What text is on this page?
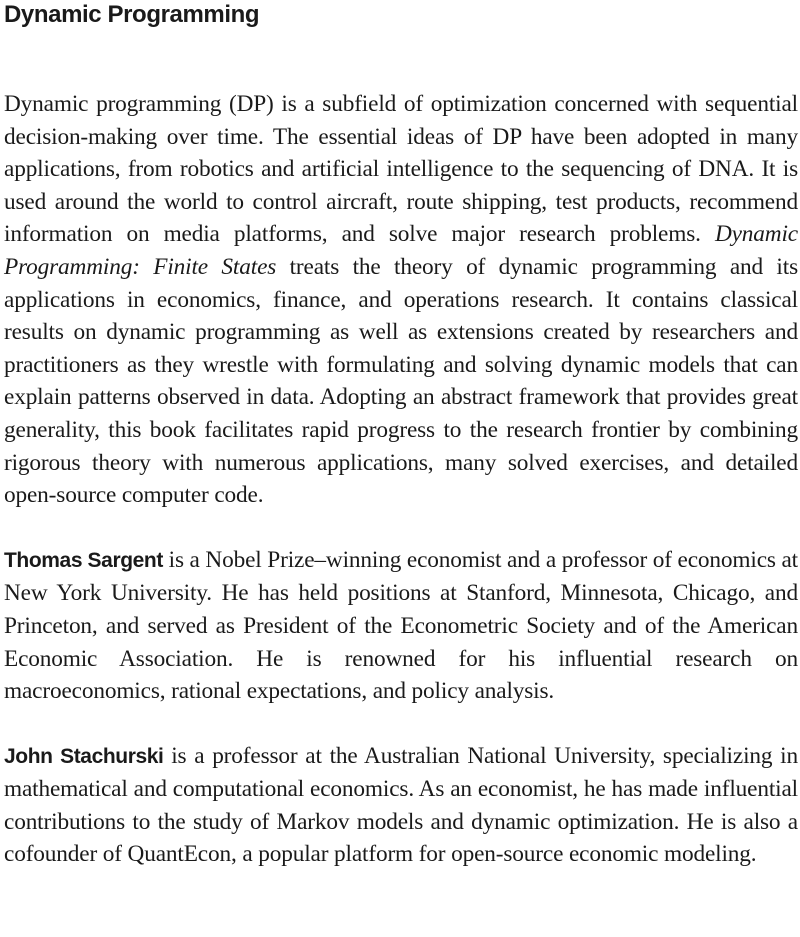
Dynamic Programming

Dynamic programming (DP) is a subfield of optimization concerned with sequential decision-making over time. The essential ideas of DP have been adopted in many applications, from robotics and artificial intelligence to the sequencing of DNA. It is used around the world to control aircraft, route shipping, test products, recommend information on media platforms, and solve major research problems. Dynamic Programming: Finite States treats the theory of dynamic programming and its applications in economics, finance, and operations research. It contains classical results on dynamic programming as well as extensions created by researchers and practitioners as they wrestle with formulating and solving dynamic models that can explain patterns observed in data. Adopting an abstract framework that provides great generality, this book facilitates rapid progress to the research frontier by combining rigorous theory with numerous applications, many solved exercises, and detailed open-source computer code.

Thomas Sargent is a Nobel Prize–winning economist and a professor of economics at New York University. He has held positions at Stanford, Minnesota, Chicago, and Princeton, and served as President of the Econometric Society and of the American Economic Association. He is renowned for his influential research on macroeconomics, rational expectations, and policy analysis.

John Stachurski is a professor at the Australian National University, specializing in mathematical and computational economics. As an economist, he has made influential contributions to the study of Markov models and dynamic optimization. He is also a cofounder of QuantEcon, a popular platform for open-source economic modeling.
